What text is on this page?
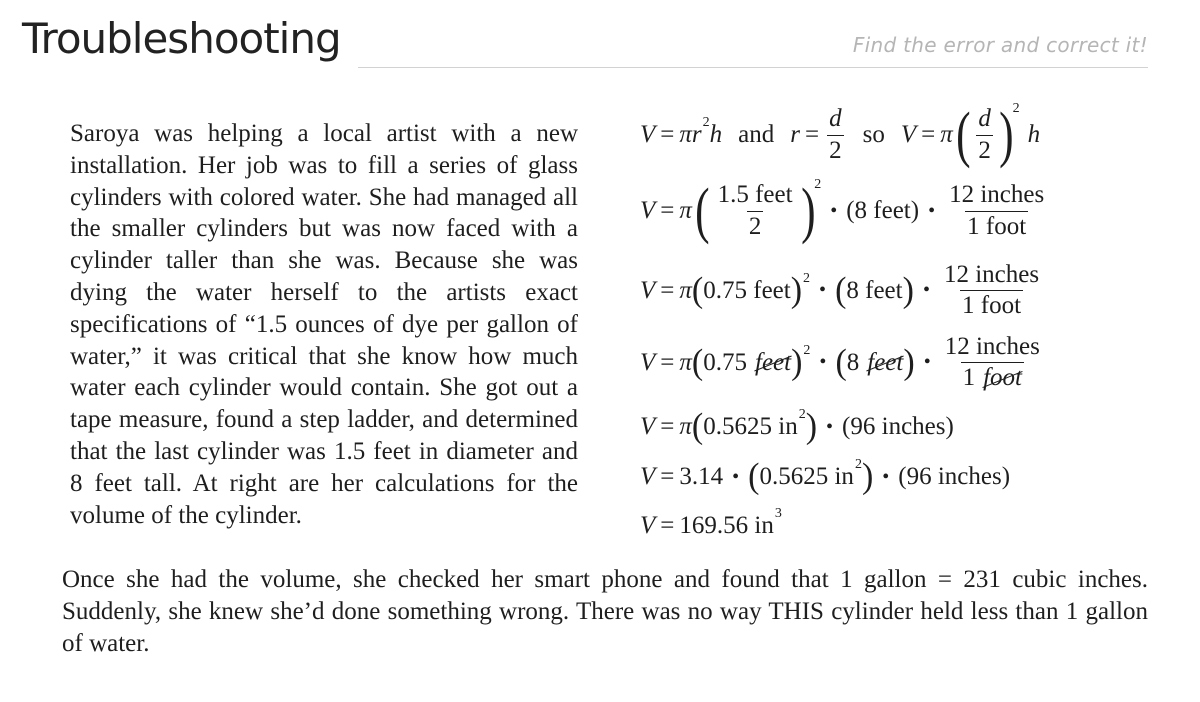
Troubleshooting	Find the error and correct it!

Saroya was helping a local artist with a new installation. Her job was to fill a series of glass cylinders with colored water. She had managed all the smaller cylinders but was now faced with a cylinder taller than she was. Because she was dying the water herself to the artists exact specifications of “1.5 ounces of dye per gallon of water,” it was critical that she know how much water each cylinder would contain. She got out a tape measure, found a step ladder, and determined that the last cylinder was 1.5 feet in diameter and 8 feet tall. At right are her calculations for the volume of the cylinder.

V = π r 2 h and $r = \frac{d}{2}$ so V = π ( $\frac{d}{2}$ ) 2
h
V = π ( $\frac{\text{1.5 feet}}{2}$ ) 2
• (8 feet) • $\frac{\text{12 inches}}{\text{1 foot}}$
V = π ( 0.75 feet ) 2
• ( 8 feet ) • $\frac{\text{12 inches}}{\text{1 foot}}$
V = π ( 0.75 feet ) 2
• ( 8 feet ) • $\frac{\text{12 inches}}{\text{1 foot}}$
V = π ( 0.5625 in 2 ) • (96 inches)
V = 3.14 • ( 0.5625 in 2 ) • (96 inches)
V = 169.56 in 3

Once she had the volume, she checked her smart phone and found that 1 gallon = 231 cubic inches. Suddenly, she knew she’d done something wrong. There was no way THIS cylinder held less than 1 gallon of water.
